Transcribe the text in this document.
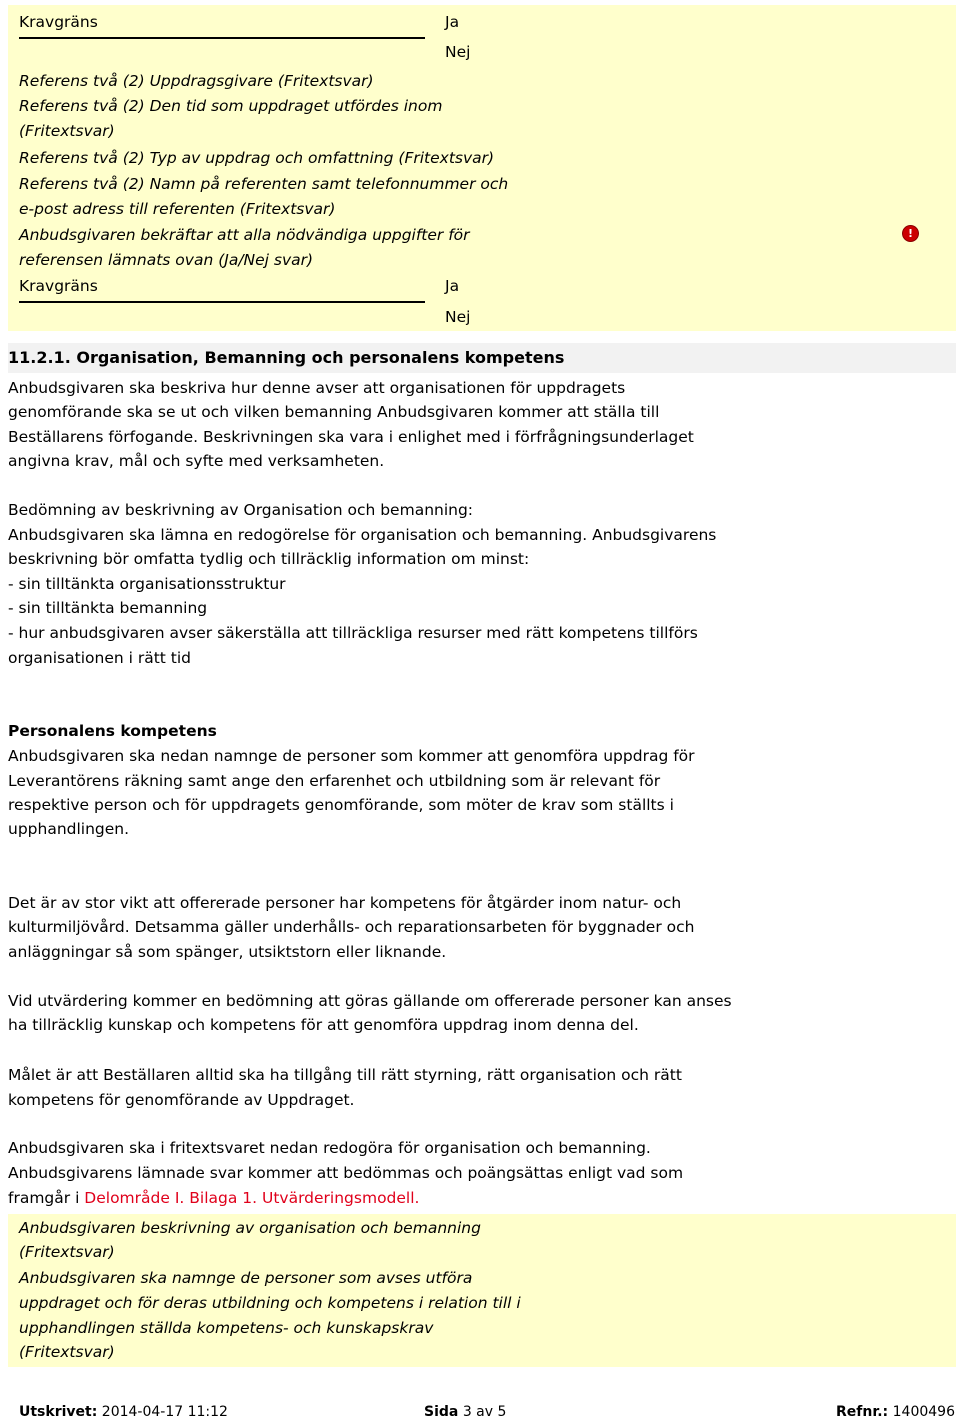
Kravgräns	Ja
Nej
Referens två (2) Uppdragsgivare (Fritextsvar)
Referens två (2) Den tid som uppdraget utfördes inom
(Fritextsvar)
Referens två (2) Typ av uppdrag och omfattning (Fritextsvar)
Referens två (2) Namn på referenten samt telefonnummer och
e-post adress till referenten (Fritextsvar)
Anbudsgivaren bekräftar att alla nödvändiga uppgifter för
referensen lämnats ovan (Ja/Nej svar)
!
Kravgräns	Ja
Nej
11.2.1. Organisation, Bemanning och personalens kompetens
Anbudsgivaren ska beskriva hur denne avser att organisationen för uppdragets
genomförande ska se ut och vilken bemanning Anbudsgivaren kommer att ställa till
Beställarens förfogande. Beskrivningen ska vara i enlighet med i förfrågningsunderlaget
angivna krav, mål och syfte med verksamheten.
Bedömning av beskrivning av Organisation och bemanning:
Anbudsgivaren ska lämna en redogörelse för organisation och bemanning. Anbudsgivarens
beskrivning bör omfatta tydlig och tillräcklig information om minst:
- sin tilltänkta organisationsstruktur
- sin tilltänkta bemanning
- hur anbudsgivaren avser säkerställa att tillräckliga resurser med rätt kompetens tillförs
organisationen i rätt tid
Personalens kompetens
Anbudsgivaren ska nedan namnge de personer som kommer att genomföra uppdrag för
Leverantörens räkning samt ange den erfarenhet och utbildning som är relevant för
respektive person och för uppdragets genomförande, som möter de krav som ställts i
upphandlingen.
Det är av stor vikt att offererade personer har kompetens för åtgärder inom natur- och
kulturmiljövård. Detsamma gäller underhålls- och reparationsarbeten för byggnader och
anläggningar så som spänger, utsiktstorn eller liknande.
Vid utvärdering kommer en bedömning att göras gällande om offererade personer kan anses
ha tillräcklig kunskap och kompetens för att genomföra uppdrag inom denna del.
Målet är att Beställaren alltid ska ha tillgång till rätt styrning, rätt organisation och rätt
kompetens för genomförande av Uppdraget.
Anbudsgivaren ska i fritextsvaret nedan redogöra för organisation och bemanning.
Anbudsgivarens lämnade svar kommer att bedömmas och poängsättas enligt vad som
framgår i Delområde I. Bilaga 1. Utvärderingsmodell.
Anbudsgivaren beskrivning av organisation och bemanning
(Fritextsvar)
Anbudsgivaren ska namnge de personer som avses utföra
uppdraget och för deras utbildning och kompetens i relation till i
upphandlingen ställda kompetens- och kunskapskrav
(Fritextsvar)
Utskrivet: 2014-04-17 11:12	Sida 3 av 5	Refnr.: 1400496
